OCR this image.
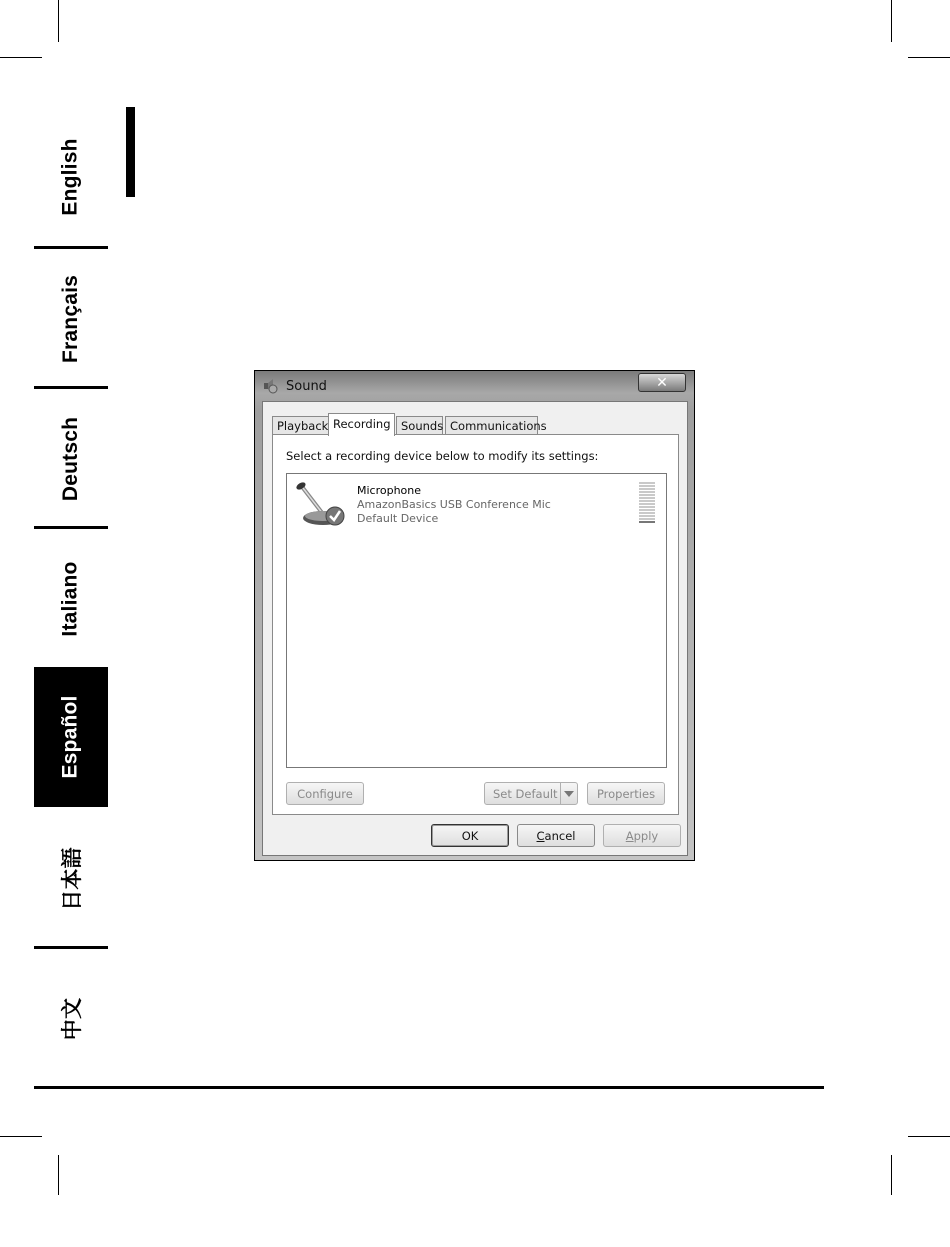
English
Français
Deutsch
Italiano
Español
日本語
中文
Sound	✕
Playback Recording Sounds Communications
Select a recording device below to modify its settings:
Microphone
AmazonBasics USB Conference Mic
Default Device
Configure	Set Default	Properties
OK	Cancel	Apply
